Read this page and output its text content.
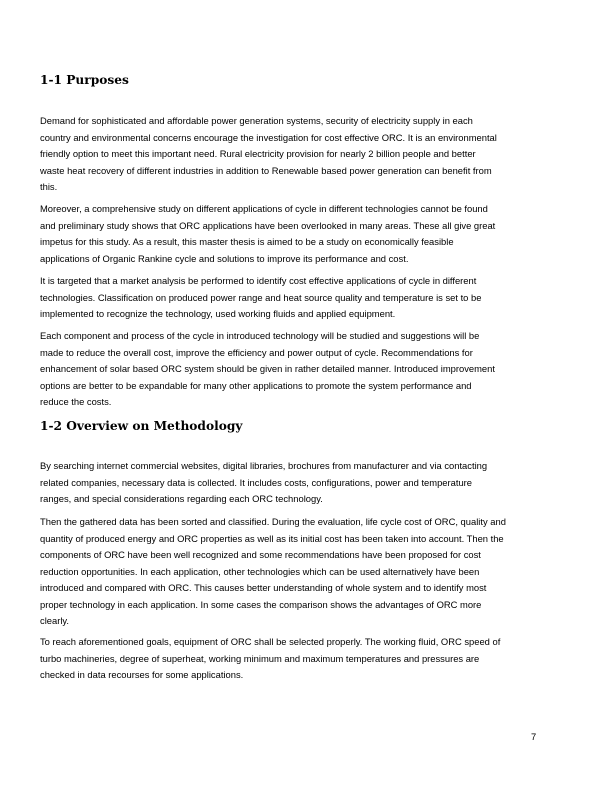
1-1 Purposes

Demand for sophisticated and affordable power generation systems, security of electricity supply in each
country and environmental concerns encourage the investigation for cost effective ORC. It is an environmental
friendly option to meet this important need. Rural electricity provision for nearly 2 billion people and better
waste heat recovery of different industries in addition to Renewable based power generation can benefit from
this.

Moreover, a comprehensive study on different applications of cycle in different technologies cannot be found
and preliminary study shows that ORC applications have been overlooked in many areas. These all give great
impetus for this study. As a result, this master thesis is aimed to be a study on economically feasible
applications of Organic Rankine cycle and solutions to improve its performance and cost.

It is targeted that a market analysis be performed to identify cost effective applications of cycle in different
technologies. Classification on produced power range and heat source quality and temperature is set to be
implemented to recognize the technology, used working fluids and applied equipment.

Each component and process of the cycle in introduced technology will be studied and suggestions will be
made to reduce the overall cost, improve the efficiency and power output of cycle. Recommendations for
enhancement of solar based ORC system should be given in rather detailed manner. Introduced improvement
options are better to be expandable for many other applications to promote the system performance and
reduce the costs.

1-2 Overview on Methodology

By searching internet commercial websites, digital libraries, brochures from manufacturer and via contacting
related companies, necessary data is collected. It includes costs, configurations, power and temperature
ranges, and special considerations regarding each ORC technology.

Then the gathered data has been sorted and classified. During the evaluation, life cycle cost of ORC, quality and
quantity of produced energy and ORC properties as well as its initial cost has been taken into account. Then the
components of ORC have been well recognized and some recommendations have been proposed for cost
reduction opportunities. In each application, other technologies which can be used alternatively have been
introduced and compared with ORC. This causes better understanding of whole system and to identify most
proper technology in each application. In some cases the comparison shows the advantages of ORC more
clearly.

To reach aforementioned goals, equipment of ORC shall be selected properly. The working fluid, ORC speed of
turbo machineries, degree of superheat, working minimum and maximum temperatures and pressures are
checked in data recourses for some applications.

7
